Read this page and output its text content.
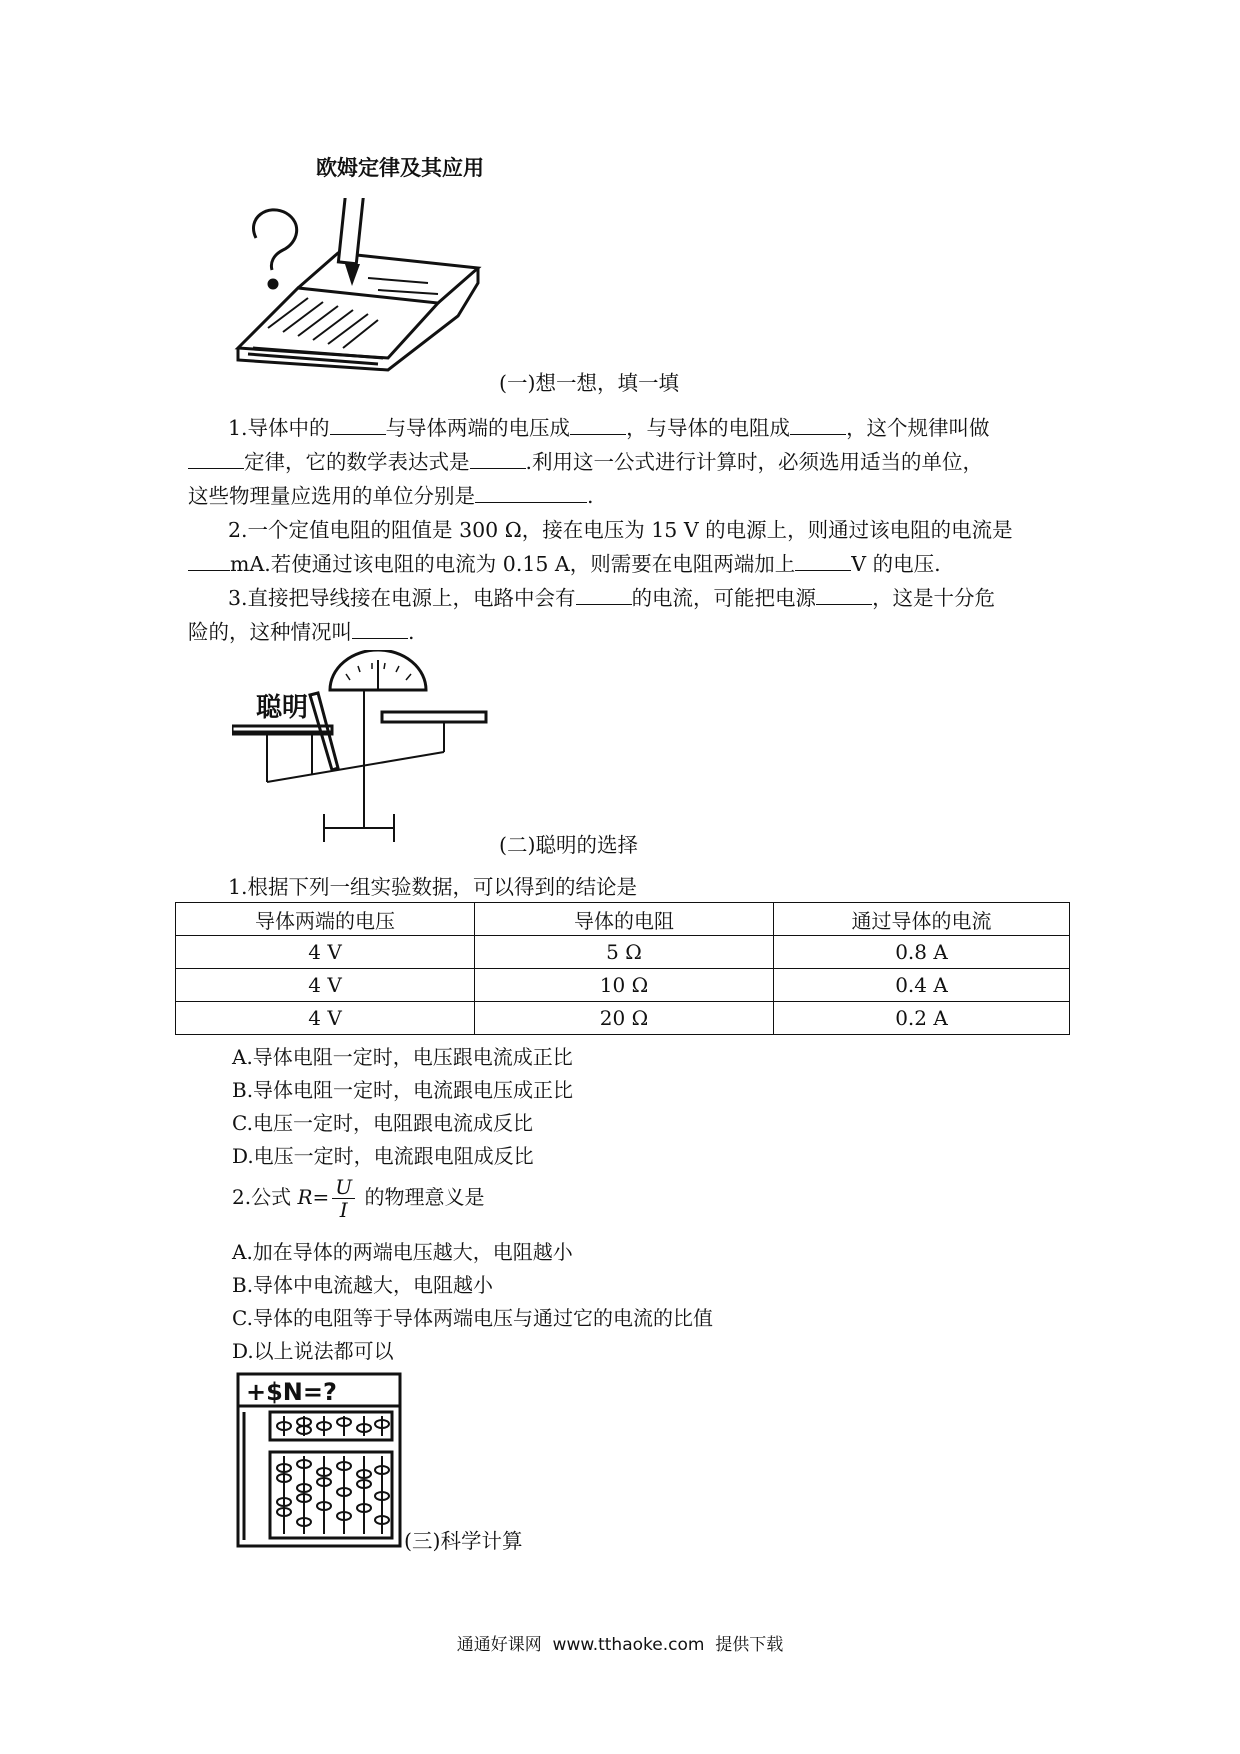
欧姆定律及其应用
(一)想一想，填一填
1.导体中的	与导体两端的电压成	，与导体的电阻成	，这个规律叫做
定律，它的数学表达式是	.利用这一公式进行计算时，必须选用适当的单位，
这些物理量应选用的单位分别是	.
2.一个定值电阻的阻值是 300 Ω，接在电压为 15 V 的电源上，则通过该电阻的电流是
mA.若使通过该电阻的电流为 0.15 A，则需要在电阻两端加上	V 的电压.
3.直接把导线接在电源上，电路中会有	的电流，可能把电源	，这是十分危
险的，这种情况叫	.
聪明
(二)聪明的选择
1.根据下列一组实验数据，可以得到的结论是
导体两端的电压	导体的电阻	通过导体的电流
4 V	5 Ω	0.8 A
4 V	10 Ω	0.4 A
4 V	20 Ω	0.2 A
A.导体电阻一定时，电压跟电流成正比
B.导体电阻一定时，电流跟电压成正比
C.电压一定时，电阻跟电流成反比
D.电压一定时，电流跟电阻成反比
2.公式 $R= \frac{U}{I}$ 的物理意义是
A.加在导体的两端电压越大，电阻越小
B.导体中电流越大，电阻越小
C.导体的电阻等于导体两端电压与通过它的电流的比值
D.以上说法都可以
+$N=?
(三)科学计算
通通好课网  www.tthaoke.com  提供下载
